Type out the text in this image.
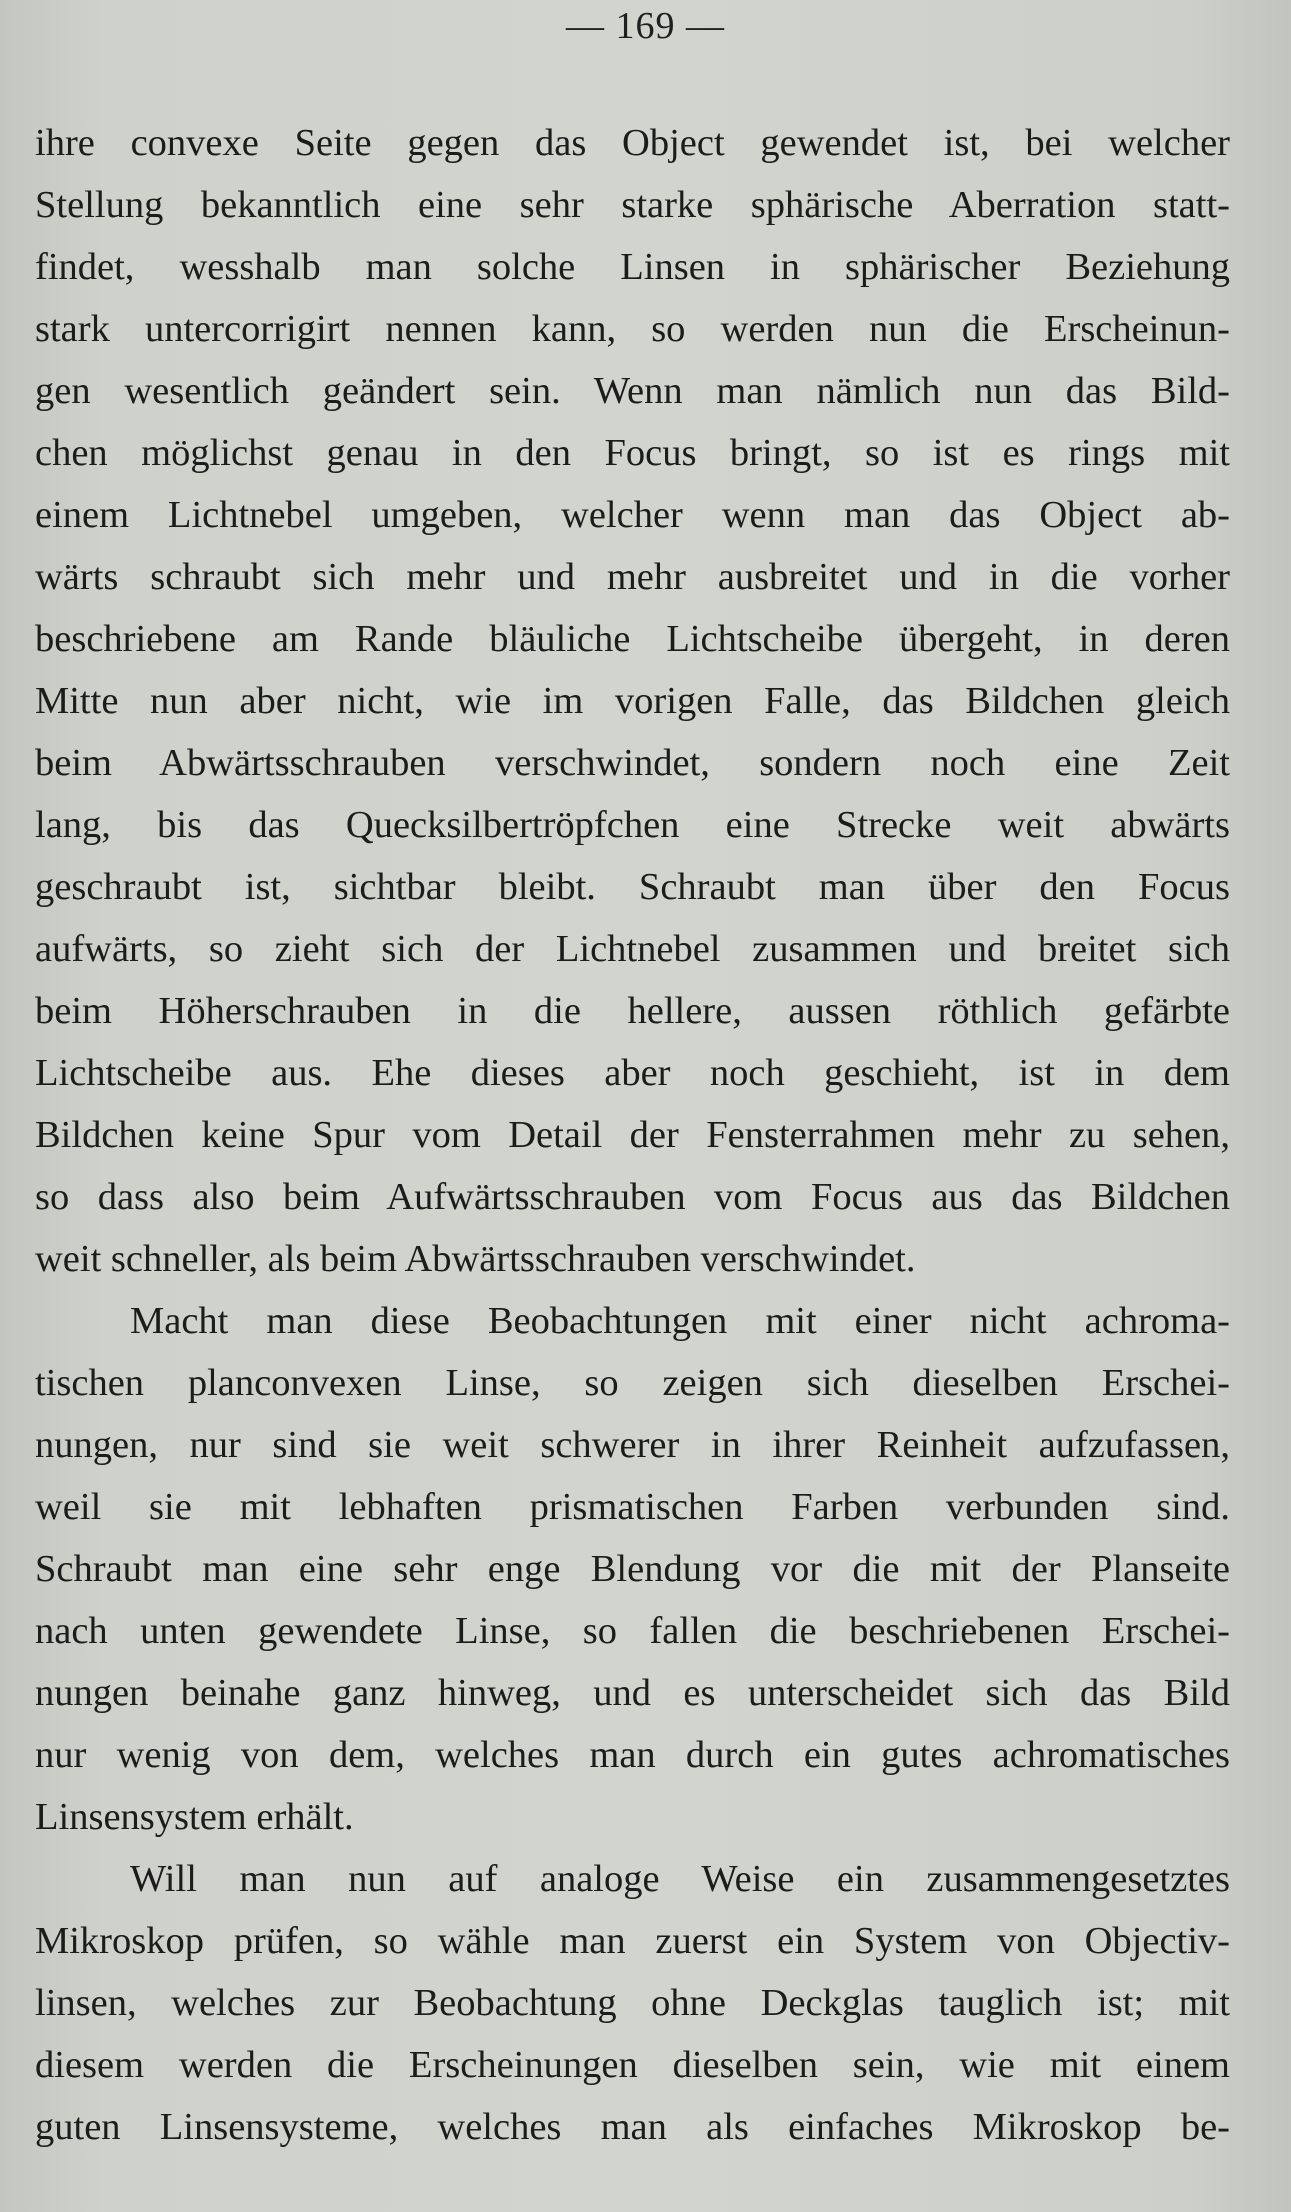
— 169 —
ihre convexe Seite gegen das Object gewendet ist, bei welcher
Stellung bekanntlich eine sehr starke sphärische Aberration statt-
findet, wesshalb man solche Linsen in sphärischer Beziehung
stark untercorrigirt nennen kann, so werden nun die Erscheinun-
gen wesentlich geändert sein. Wenn man nämlich nun das Bild-
chen möglichst genau in den Focus bringt, so ist es rings mit
einem Lichtnebel umgeben, welcher wenn man das Object ab-
wärts schraubt sich mehr und mehr ausbreitet und in die vorher
beschriebene am Rande bläuliche Lichtscheibe übergeht, in deren
Mitte nun aber nicht, wie im vorigen Falle, das Bildchen gleich
beim Abwärtsschrauben verschwindet, sondern noch eine Zeit
lang, bis das Quecksilbertröpfchen eine Strecke weit abwärts
geschraubt ist, sichtbar bleibt. Schraubt man über den Focus
aufwärts, so zieht sich der Lichtnebel zusammen und breitet sich
beim Höherschrauben in die hellere, aussen röthlich gefärbte
Lichtscheibe aus. Ehe dieses aber noch geschieht, ist in dem
Bildchen keine Spur vom Detail der Fensterrahmen mehr zu sehen,
so dass also beim Aufwärtsschrauben vom Focus aus das Bildchen
weit schneller, als beim Abwärtsschrauben verschwindet.
Macht man diese Beobachtungen mit einer nicht achroma-
tischen planconvexen Linse, so zeigen sich dieselben Erschei-
nungen, nur sind sie weit schwerer in ihrer Reinheit aufzufassen,
weil sie mit lebhaften prismatischen Farben verbunden sind.
Schraubt man eine sehr enge Blendung vor die mit der Planseite
nach unten gewendete Linse, so fallen die beschriebenen Erschei-
nungen beinahe ganz hinweg, und es unterscheidet sich das Bild
nur wenig von dem, welches man durch ein gutes achromatisches
Linsensystem erhält.
Will man nun auf analoge Weise ein zusammengesetztes
Mikroskop prüfen, so wähle man zuerst ein System von Objectiv-
linsen, welches zur Beobachtung ohne Deckglas tauglich ist; mit
diesem werden die Erscheinungen dieselben sein, wie mit einem
guten Linsensysteme, welches man als einfaches Mikroskop be-
